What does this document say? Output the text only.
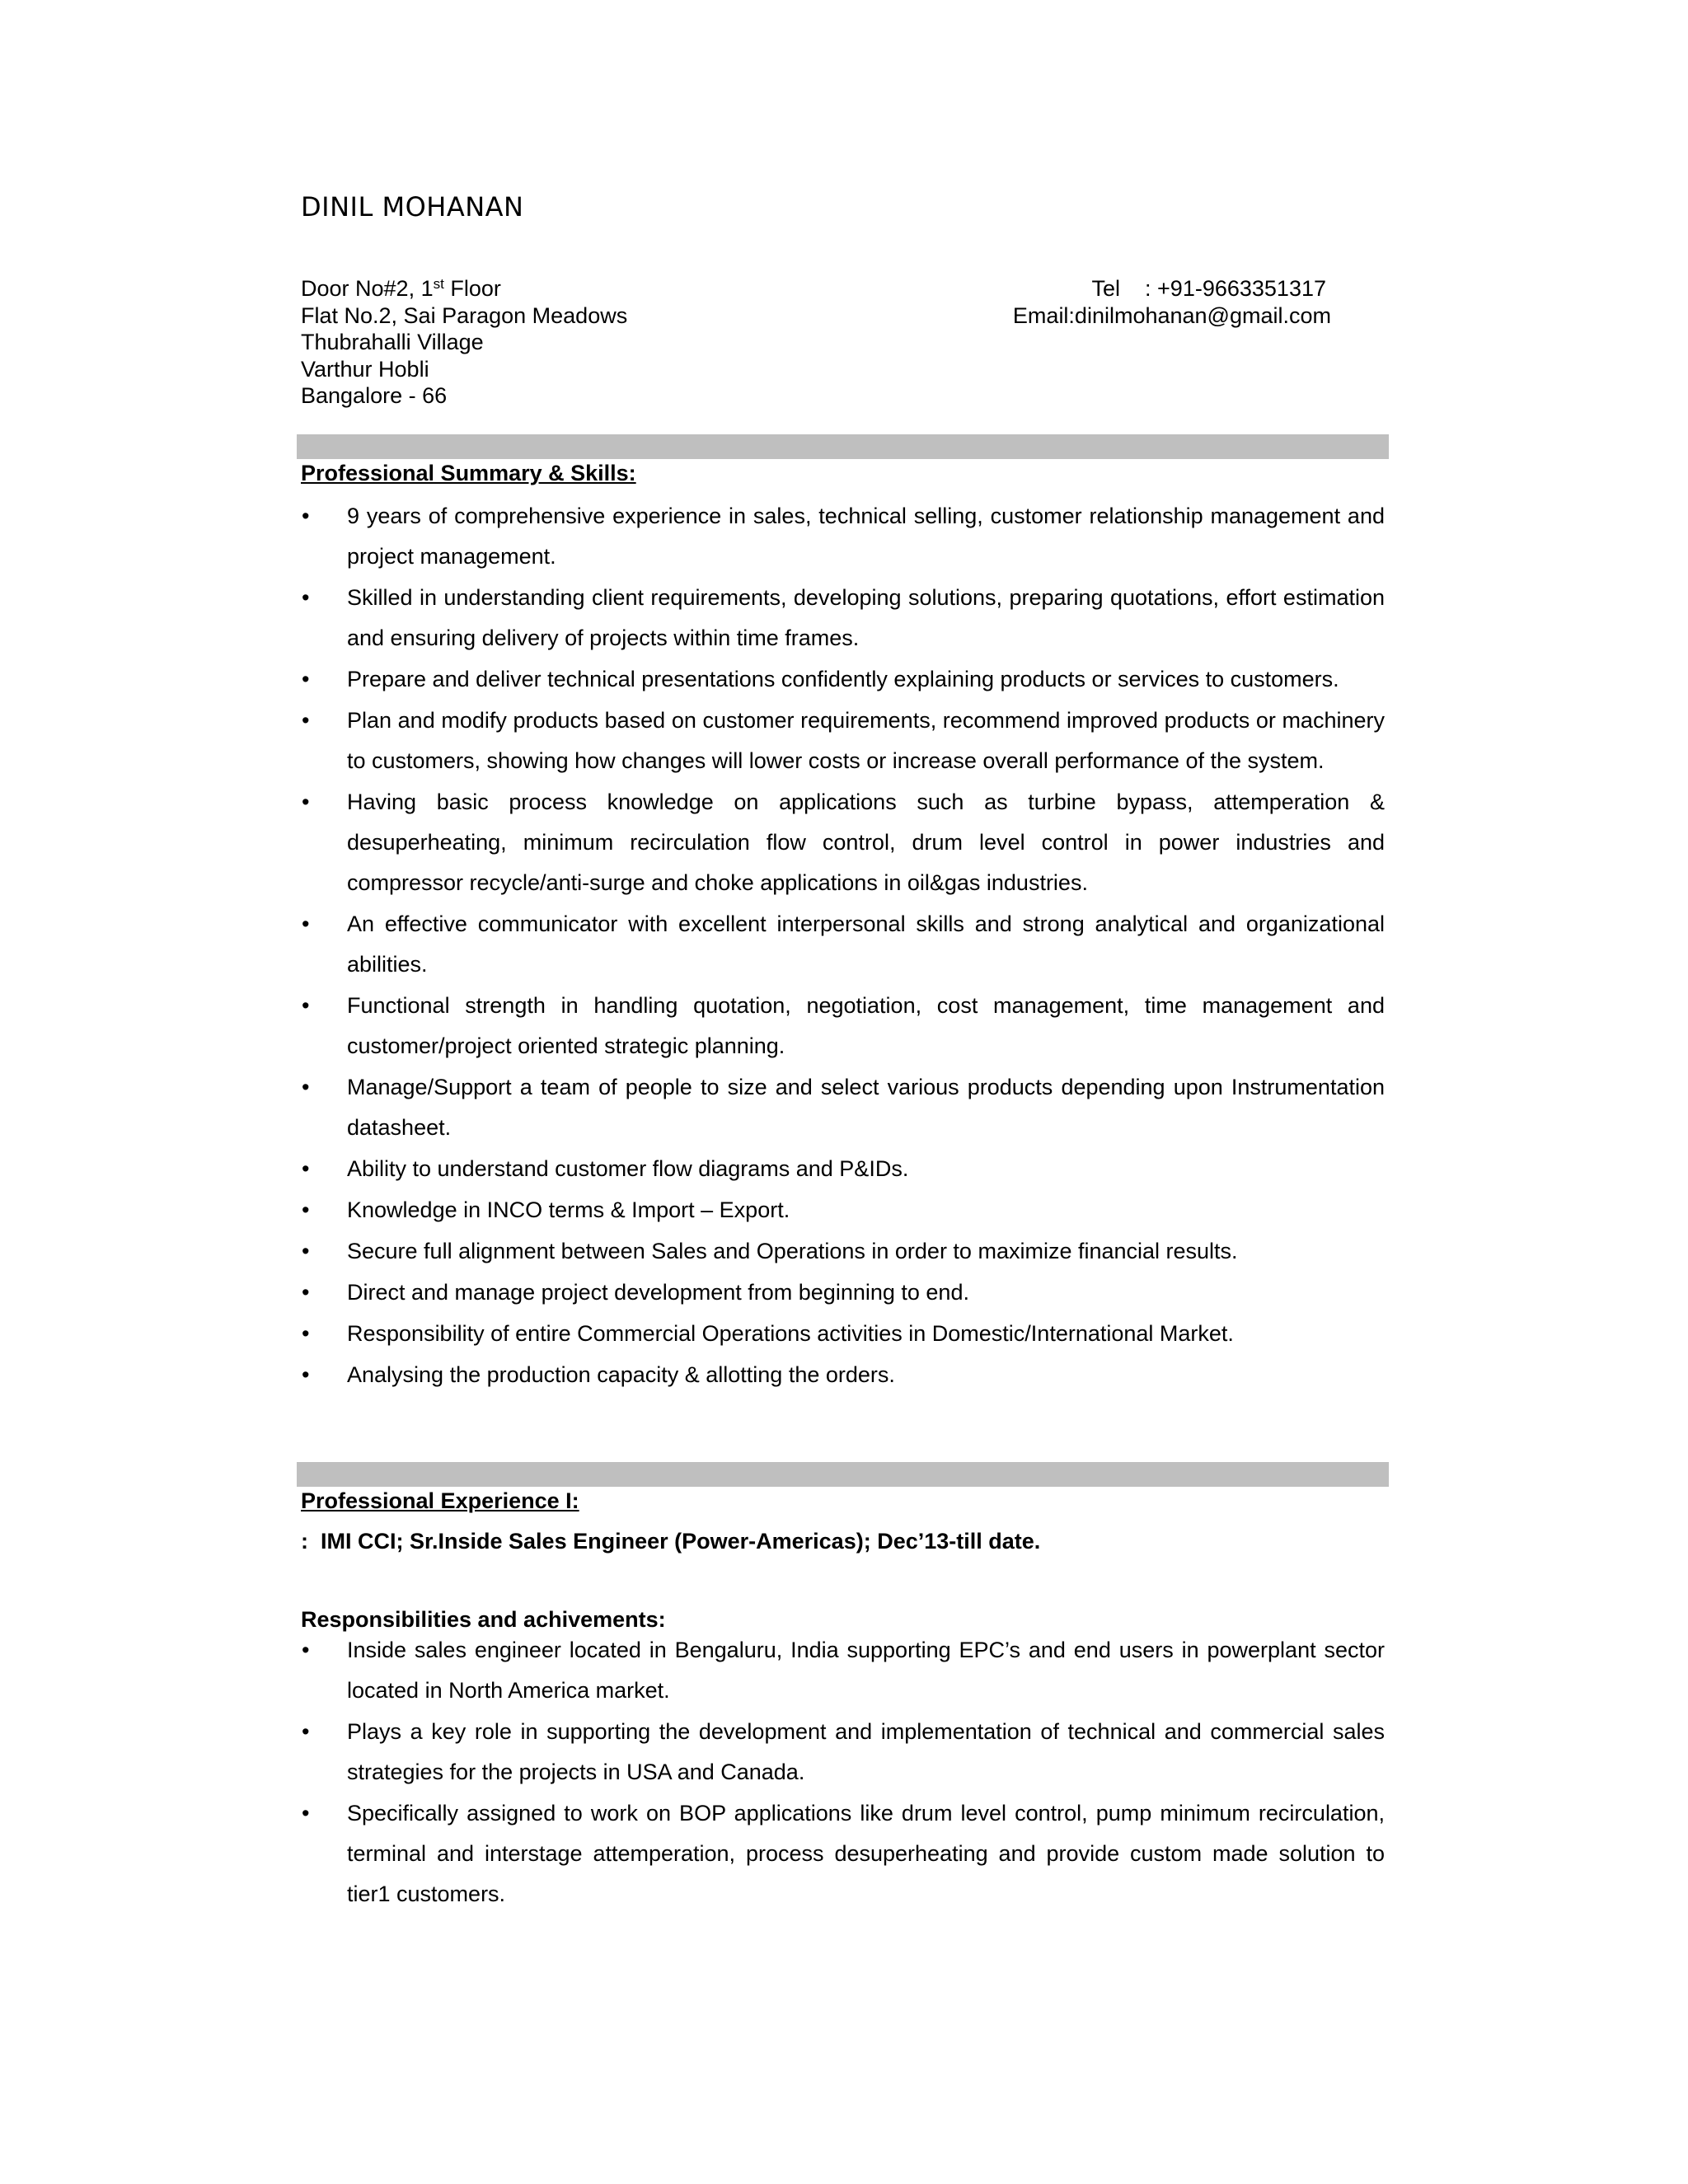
DINIL MOHANAN
Door No#2, 1st Floor
Flat No.2, Sai Paragon Meadows
Thubrahalli Village
Varthur Hobli
Bangalore - 66
Tel    : +91-9663351317
Email:dinilmohanan@gmail.com
Professional Summary & Skills:
• 9 years of comprehensive experience in sales, technical selling, customer relationship management and project management.
• Skilled in understanding client requirements, developing solutions, preparing quotations, effort estimation and ensuring delivery of projects within time frames.
• Prepare and deliver technical presentations confidently explaining products or services to customers.
• Plan and modify products based on customer requirements, recommend improved products or machinery to customers, showing how changes will lower costs or increase overall performance of the system.
• Having basic process knowledge on applications such as turbine bypass, attemperation & desuperheating, minimum recirculation flow control, drum level control in power industries and compressor recycle/anti-surge and choke applications in oil&gas industries.
• An effective communicator with excellent interpersonal skills and strong analytical and organizational abilities.
• Functional strength in handling quotation, negotiation, cost management, time management and customer/project oriented strategic planning.
• Manage/Support a team of people to size and select various products depending upon Instrumentation datasheet.
• Ability to understand customer flow diagrams and P&IDs.
• Knowledge in INCO terms & Import – Export.
• Secure full alignment between Sales and Operations in order to maximize financial results.
• Direct and manage project development from beginning to end.
• Responsibility of entire Commercial Operations activities in Domestic/International Market.
• Analysing the production capacity & allotting the orders.
Professional Experience I:
:  IMI CCI; Sr.Inside Sales Engineer (Power-Americas); Dec’13-till date.
Responsibilities and achivements:
• Inside sales engineer located in Bengaluru, India supporting EPC’s and end users in powerplant sector located in North America market.
• Plays a key role in supporting the development and implementation of technical and commercial sales strategies for the projects in USA and Canada.
• Specifically assigned to work on BOP applications like drum level control, pump minimum recirculation, terminal and interstage attemperation, process desuperheating and provide custom made solution to tier1 customers.
